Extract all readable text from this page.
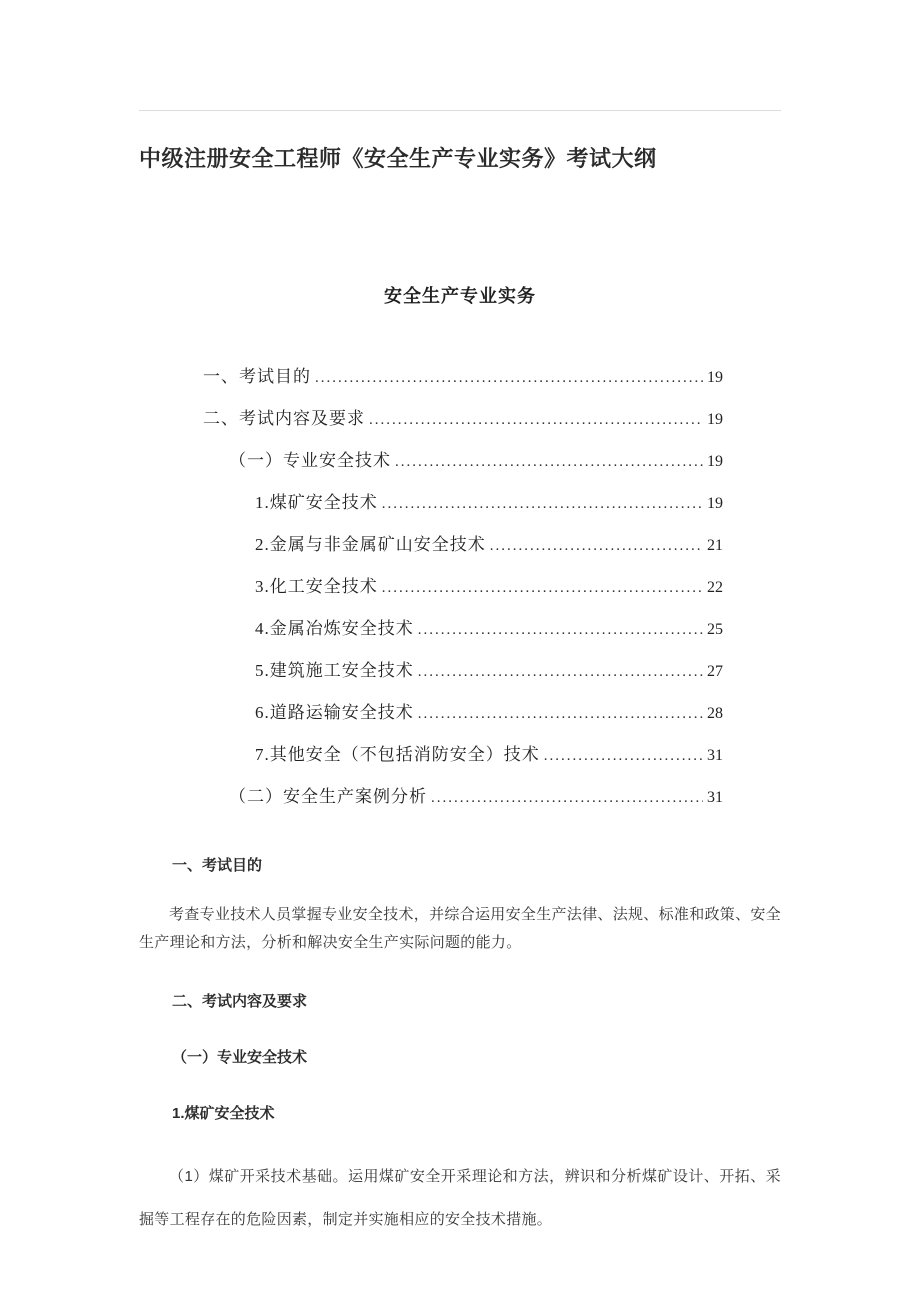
中级注册安全工程师《安全生产专业实务》考试大纲
安全生产专业实务
一、考试目的 .....	19
二、考试内容及要求 .....	19
（一）专业安全技术 .....	19
1.煤矿安全技术 .....	19
2.金属与非金属矿山安全技术 .....	21
3.化工安全技术 .....	22
4.金属冶炼安全技术 .....	25
5.建筑施工安全技术 .....	27
6.道路运输安全技术 .....	28
7.其他安全（不包括消防安全）技术 .....	31
（二）安全生产案例分析 .....	31
一、考试目的
考查专业技术人员掌握专业安全技术，并综合运用安全生产法律、法规、标准和政策、安全生产理论和方法，分析和解决安全生产实际问题的能力。
二、考试内容及要求
（一）专业安全技术
1.煤矿安全技术
（1）煤矿开采技术基础。运用煤矿安全开采理论和方法，辨识和分析煤矿设计、开拓、采掘等工程存在的危险因素，制定并实施相应的安全技术措施。
